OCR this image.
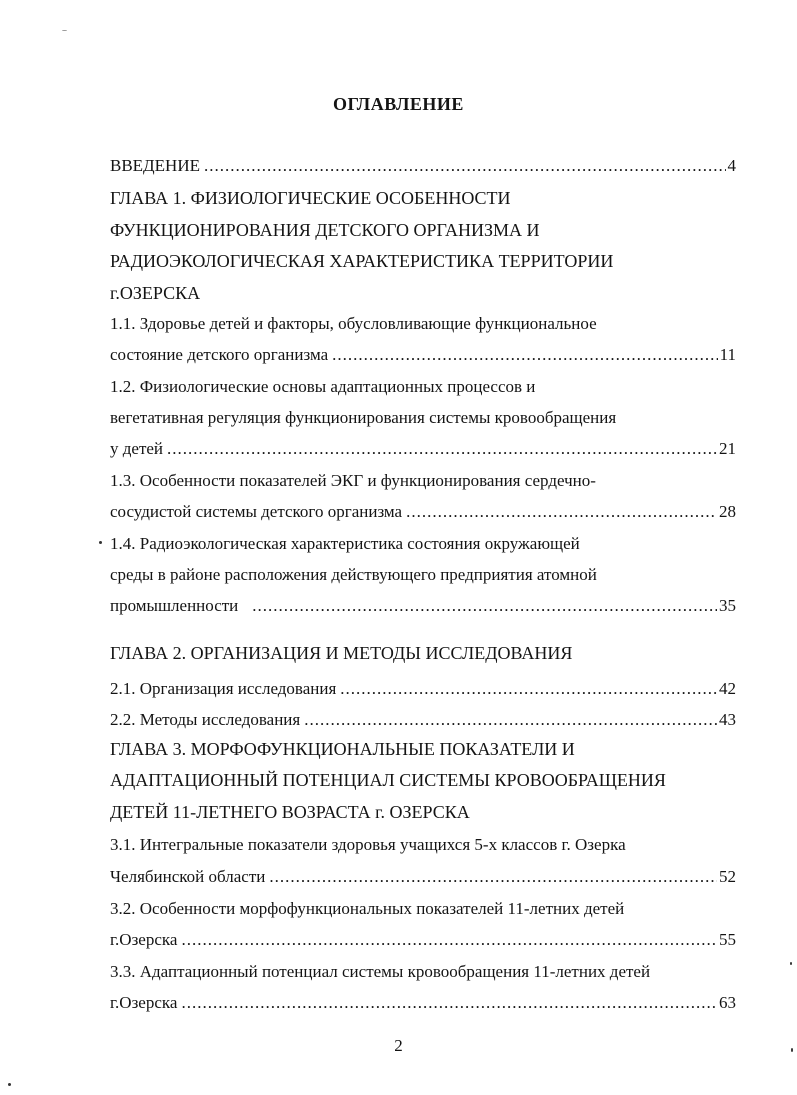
ОГЛАВЛЕНИЕ
ВВЕДЕНИЕ .....	4
ГЛАВА 1. ФИЗИОЛОГИЧЕСКИЕ ОСОБЕННОСТИ
ФУНКЦИОНИРОВАНИЯ ДЕТСКОГО ОРГАНИЗМА И
РАДИОЭКОЛОГИЧЕСКАЯ ХАРАКТЕРИСТИКА ТЕРРИТОРИИ
г.ОЗЕРСКА
1.1. Здоровье детей и факторы, обусловливающие функциональное
состояние детского организма .....	11
1.2. Физиологические основы адаптационных процессов и
вегетативная регуляция функционирования системы кровообращения
у детей .....	21
1.3. Особенности показателей ЭКГ и функционирования сердечно-
сосудистой системы детского организма .....	28
1.4. Радиоэкологическая характеристика состояния окружающей
среды в районе расположения действующего предприятия атомной
промышленности .....	35
ГЛАВА 2. ОРГАНИЗАЦИЯ И МЕТОДЫ ИССЛЕДОВАНИЯ
2.1. Организация исследования .....	42
2.2. Методы исследования .....	43
ГЛАВА 3. МОРФОФУНКЦИОНАЛЬНЫЕ ПОКАЗАТЕЛИ И
АДАПТАЦИОННЫЙ ПОТЕНЦИАЛ СИСТЕМЫ КРОВООБРАЩЕНИЯ
ДЕТЕЙ 11-ЛЕТНЕГО ВОЗРАСТА г. ОЗЕРСКА
3.1. Интегральные показатели здоровья учащихся 5-х классов г. Озерка
Челябинской области .....	52
3.2. Особенности морфофункциональных показателей 11-летних детей
г.Озерска .....	55
3.3. Адаптационный потенциал системы кровообращения 11-летних детей
г.Озерска .....	63
2
